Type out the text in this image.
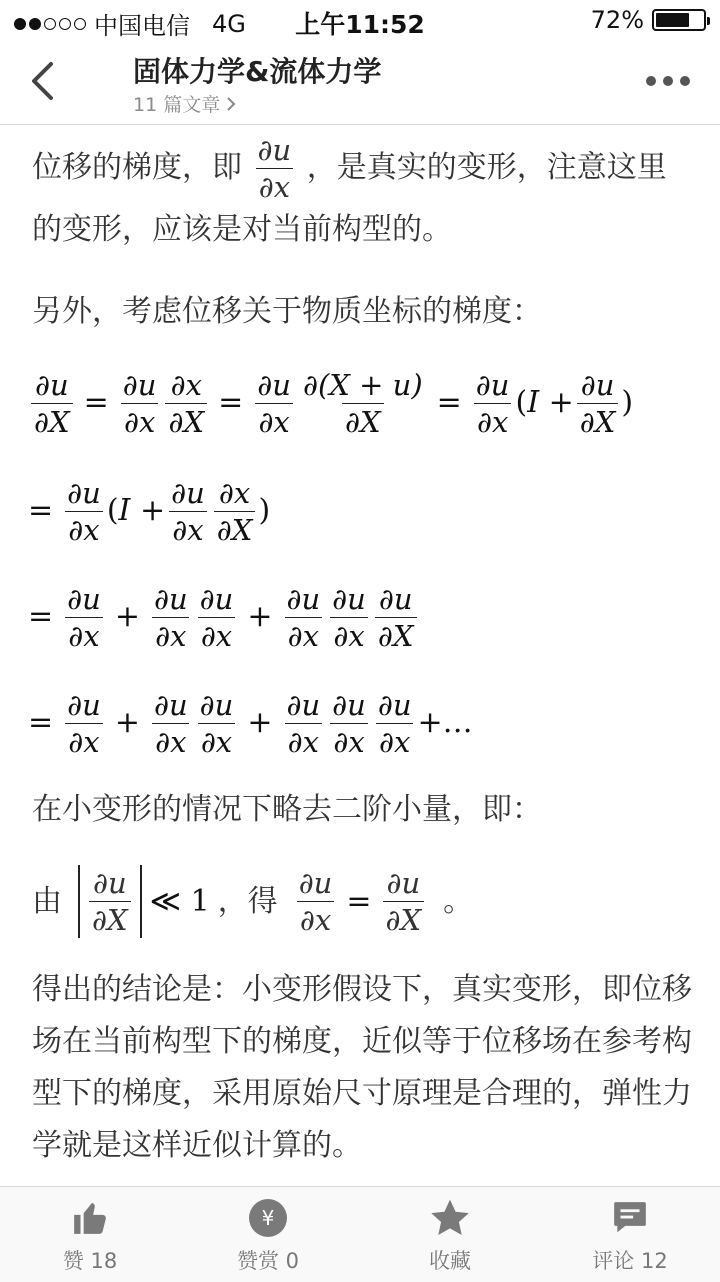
中国电信 4G	上午11:52	72%
固体力学&流体力学
11 篇文章

位移的梯度，即 $\frac{\partial u}{\partial x}$ ，是真实的变形，注意这里的变形，应该是对当前构型的。

另外，考虑位移关于物质坐标的梯度：

$\frac{\partial u}{\partial X} = \frac{\partial u}{\partial x} \frac{\partial x}{\partial X} = \frac{\partial u}{\partial x} \frac{\partial(X + u)}{\partial X} = \frac{\partial u}{\partial x} (I + \frac{\partial u}{\partial X}$ )
= $\frac{\partial u}{\partial x} (I + \frac{\partial u}{\partial x} \frac{\partial x}{\partial X}$ )
= $\frac{\partial u}{\partial x} + \frac{\partial u}{\partial x} \frac{\partial u}{\partial x} + \frac{\partial u}{\partial x} \frac{\partial u}{\partial x} \frac{\partial u}{\partial X}$
= $\frac{\partial u}{\partial x} + \frac{\partial u}{\partial x} \frac{\partial u}{\partial x} + \frac{\partial u}{\partial x} \frac{\partial u}{\partial x} \frac{\partial u}{\partial x}$ +…

在小变形的情况下略去二阶小量，即：

由 $\frac{\partial u}{\partial X}$ ≪ 1 ，得 $\frac{\partial u}{\partial x} = \frac{\partial u}{\partial X}$ 。

得出的结论是：小变形假设下，真实变形，即位移场在当前构型下的梯度，近似等于位移场在参考构型下的梯度，采用原始尺寸原理是合理的，弹性力学就是这样近似计算的。

赞 18
¥
赞赏 0	收藏	评论 12
